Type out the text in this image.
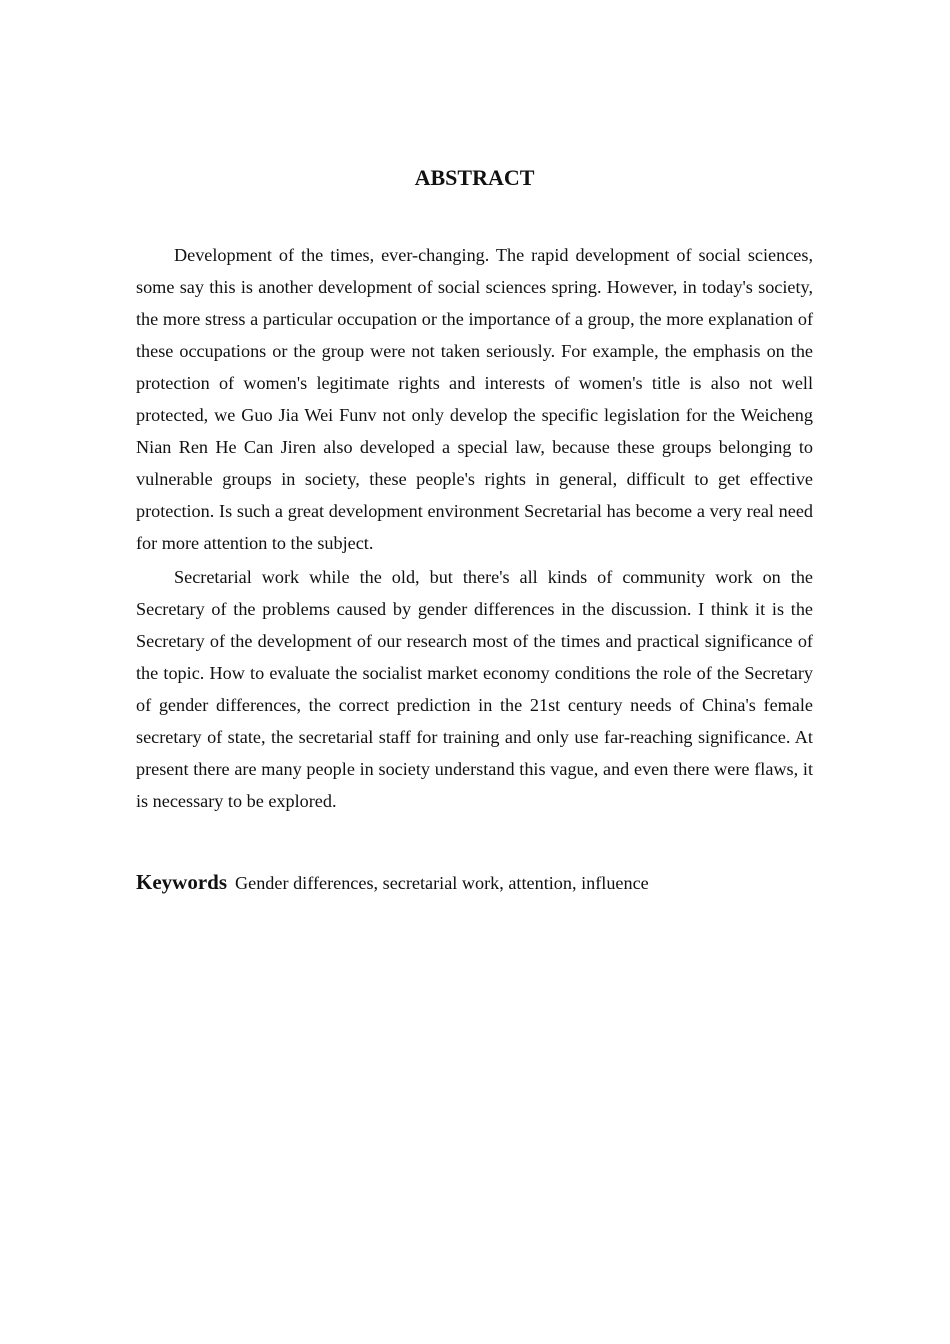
ABSTRACT

Development of the times, ever-changing. The rapid development of social sciences, some say this is another development of social sciences spring. However, in today's society, the more stress a particular occupation or the importance of a group, the more explanation of these occupations or the group were not taken seriously. For example, the emphasis on the protection of women's legitimate rights and interests of women's title is also not well protected, we Guo Jia Wei Funv not only develop the specific legislation for the Weicheng Nian Ren He Can Jiren also developed a special law, because these groups belonging to vulnerable groups in society, these people's rights in general, difficult to get effective protection. Is such a great development environment Secretarial has become a very real need for more attention to the subject.

Secretarial work while the old, but there's all kinds of community work on the Secretary of the problems caused by gender differences in the discussion. I think it is the Secretary of the development of our research most of the times and practical significance of the topic. How to evaluate the socialist market economy conditions the role of the Secretary of gender differences, the correct prediction in the 21st century needs of China's female secretary of state, the secretarial staff for training and only use far-reaching significance. At present there are many people in society understand this vague, and even there were flaws, it is necessary to be explored.

Keywords Gender differences, secretarial work, attention, influence
